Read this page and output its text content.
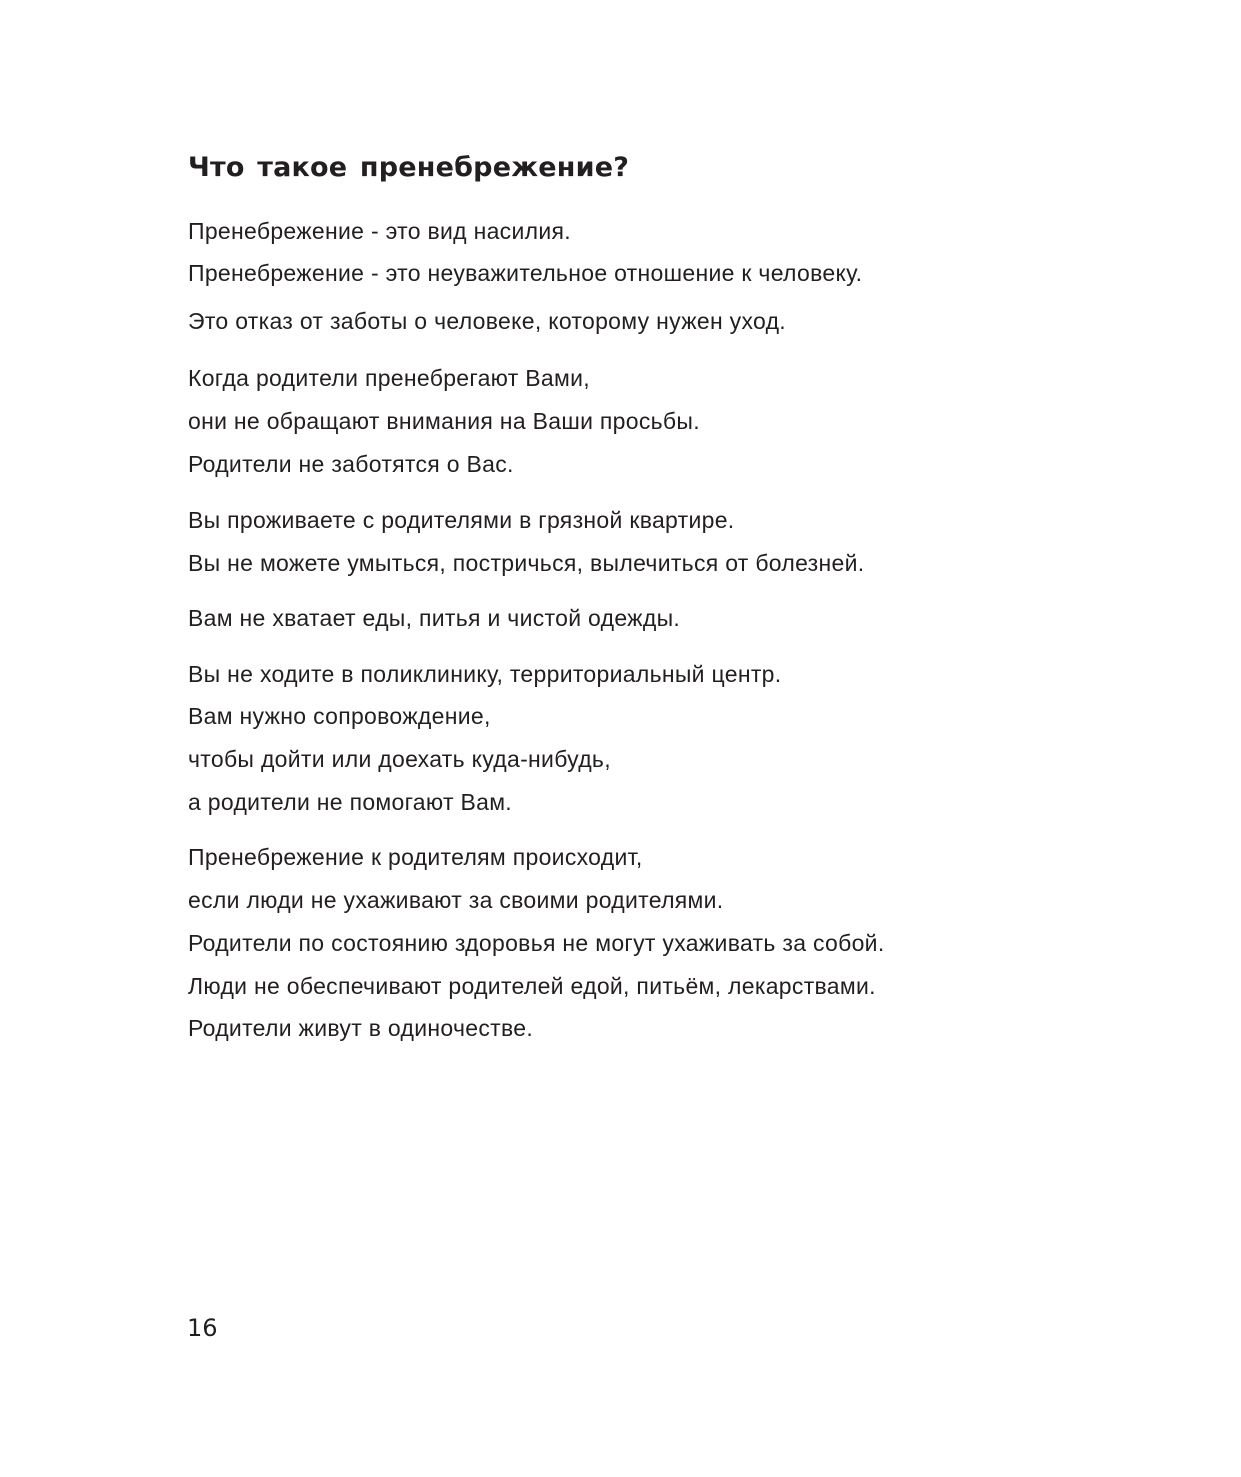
Что такое пренебрежение?

Пренебрежение - это вид насилия.

Пренебрежение - это неуважительное отношение к человеку.

Это отказ от заботы о человеке, которому нужен уход.

Когда родители пренебрегают Вами,

они не обращают внимания на Ваши просьбы.

Родители не заботятся о Вас.

Вы проживаете с родителями в грязной квартире.

Вы не можете умыться, постричься, вылечиться от болезней.

Вам не хватает еды, питья и чистой одежды.

Вы не ходите в поликлинику, территориальный центр.

Вам нужно сопровождение,

чтобы дойти или доехать куда-нибудь,

а родители не помогают Вам.

Пренебрежение к родителям происходит,

если люди не ухаживают за своими родителями.

Родители по состоянию здоровья не могут ухаживать за собой.

Люди не обеспечивают родителей едой, питьём, лекарствами.

Родители живут в одиночестве.

16
